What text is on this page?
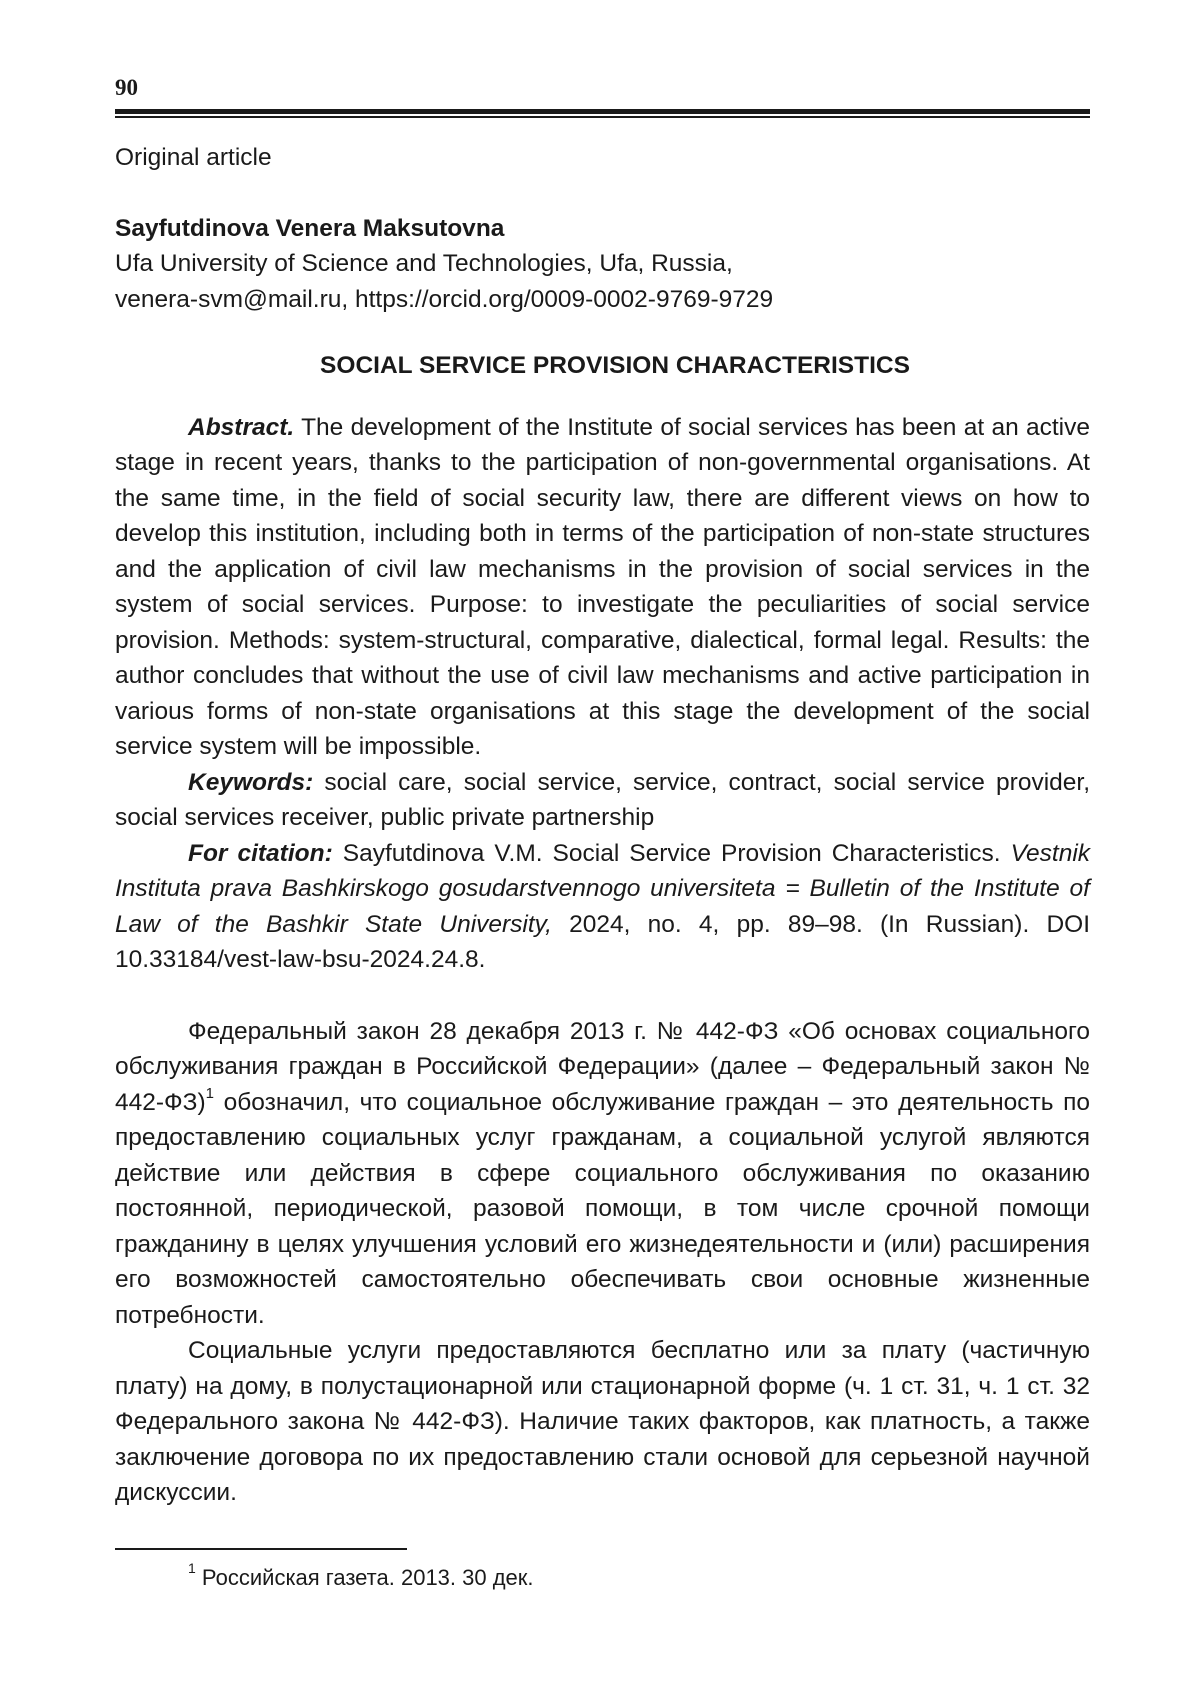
90

Original article

Sayfutdinova Venera Maksutovna

Ufa University of Science and Technologies, Ufa, Russia,

venera-svm@mail.ru, https://orcid.org/0009-0002-9769-9729

SOCIAL SERVICE PROVISION CHARACTERISTICS

Abstract. The development of the Institute of social services has been at an active stage in recent years, thanks to the participation of non-governmental organisations. At the same time, in the field of social security law, there are different views on how to develop this institution, including both in terms of the participation of non-state structures and the application of civil law mechanisms in the provision of social services in the system of social services. Purpose: to investigate the peculiarities of social service provision. Methods: system-structural, comparative, dialectical, formal legal. Results: the author concludes that without the use of civil law mechanisms and active participation in various forms of non-state organisations at this stage the development of the social service system will be impossible.

Keywords: social care, social service, service, contract, social service provider, social services receiver, public private partnership

For citation: Sayfutdinova V.M. Social Service Provision Characteristics. Vestnik Instituta prava Bashkirskogo gosudarstvennogo universiteta = Bulletin of the Institute of Law of the Bashkir State University, 2024, no. 4, pp. 89–98. (In Russian). DOI 10.33184/vest-law-bsu-2024.24.8.

Федеральный закон 28 декабря 2013 г. № 442-ФЗ «Об основах социального обслуживания граждан в Российской Федерации» (далее – Федеральный закон № 442-ФЗ)$^1$ обозначил, что социальное обслуживание граждан – это деятельность по предоставлению социальных услуг гражданам, а социальной услугой являются действие или действия в сфере социального обслуживания по оказанию постоянной, периодической, разовой помощи, в том числе срочной помощи гражданину в целях улучшения условий его жизнедеятельности и (или) расширения его возможностей самостоятельно обеспечивать свои основные жизненные потребности.

Социальные услуги предоставляются бесплатно или за плату (частичную плату) на дому, в полустационарной или стационарной форме (ч. 1 ст. 31, ч. 1 ст. 32 Федерального закона № 442-ФЗ). Наличие таких факторов, как платность, а также заключение договора по их предоставлению стали основой для серьезной научной дискуссии.

$^1$ Российская газета. 2013. 30 дек.
